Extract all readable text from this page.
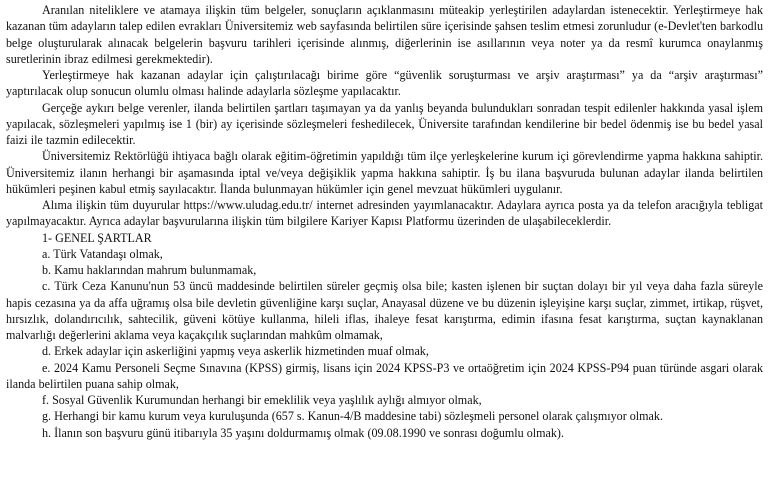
Aranılan niteliklere ve atamaya ilişkin tüm belgeler, sonuçların açıklanmasını müteakip yerleştirilen adaylardan istenecektir. Yerleştirmeye hak kazanan tüm adayların talep edilen evrakları Üniversitemiz web sayfasında belirtilen süre içerisinde şahsen teslim etmesi zorunludur (e-Devlet'ten barkodlu belge oluşturularak alınacak belgelerin başvuru tarihleri içerisinde alınmış, diğerlerinin ise asıllarının veya noter ya da resmî kurumca onaylanmış suretlerinin ibraz edilmesi gerekmektedir).

Yerleştirmeye hak kazanan adaylar için çalıştırılacağı birime göre “güvenlik soruşturması ve arşiv araştırması” ya da “arşiv araştırması” yaptırılacak olup sonucun olumlu olması halinde adaylarla sözleşme yapılacaktır.

Gerçeğe aykırı belge verenler, ilanda belirtilen şartları taşımayan ya da yanlış beyanda bulundukları sonradan tespit edilenler hakkında yasal işlem yapılacak, sözleşmeleri yapılmış ise 1 (bir) ay içerisinde sözleşmeleri feshedilecek, Üniversite tarafından kendilerine bir bedel ödenmiş ise bu bedel yasal faizi ile tazmin edilecektir.

Üniversitemiz Rektörlüğü ihtiyaca bağlı olarak eğitim-öğretimin yapıldığı tüm ilçe yerleşkelerine kurum içi görevlendirme yapma hakkına sahiptir. Üniversitemiz ilanın herhangi bir aşamasında iptal ve/veya değişiklik yapma hakkına sahiptir. İş bu ilana başvuruda bulunan adaylar ilanda belirtilen hükümleri peşinen kabul etmiş sayılacaktır. İlanda bulunmayan hükümler için genel mevzuat hükümleri uygulanır.

Alıma ilişkin tüm duyurular https://www.uludag.edu.tr/ internet adresinden yayımlanacaktır. Adaylara ayrıca posta ya da telefon aracığıyla tebligat yapılmayacaktır. Ayrıca adaylar başvurularına ilişkin tüm bilgilere Kariyer Kapısı Platformu üzerinden de ulaşabileceklerdir.

1- GENEL ŞARTLAR

a. Türk Vatandaşı olmak,

b. Kamu haklarından mahrum bulunmamak,

c. Türk Ceza Kanunu'nun 53 üncü maddesinde belirtilen süreler geçmiş olsa bile; kasten işlenen bir suçtan dolayı bir yıl veya daha fazla süreyle hapis cezasına ya da affa uğramış olsa bile devletin güvenliğine karşı suçlar, Anayasal düzene ve bu düzenin işleyişine karşı suçlar, zimmet, irtikap, rüşvet, hırsızlık, dolandırıcılık, sahtecilik, güveni kötüye kullanma, hileli iflas, ihaleye fesat karıştırma, edimin ifasına fesat karıştırma, suçtan kaynaklanan malvarlığı değerlerini aklama veya kaçakçılık suçlarından mahkûm olmamak,

d. Erkek adaylar için askerliğini yapmış veya askerlik hizmetinden muaf olmak,

e. 2024 Kamu Personeli Seçme Sınavına (KPSS) girmiş, lisans için 2024 KPSS-P3 ve ortaöğretim için 2024 KPSS-P94 puan türünde asgari olarak ilanda belirtilen puana sahip olmak,

f. Sosyal Güvenlik Kurumundan herhangi bir emeklilik veya yaşlılık aylığı almıyor olmak,

g. Herhangi bir kamu kurum veya kuruluşunda (657 s. Kanun-4/B maddesine tabi) sözleşmeli personel olarak çalışmıyor olmak.

h. İlanın son başvuru günü itibarıyla 35 yaşını doldurmamış olmak (09.08.1990 ve sonrası doğumlu olmak).
